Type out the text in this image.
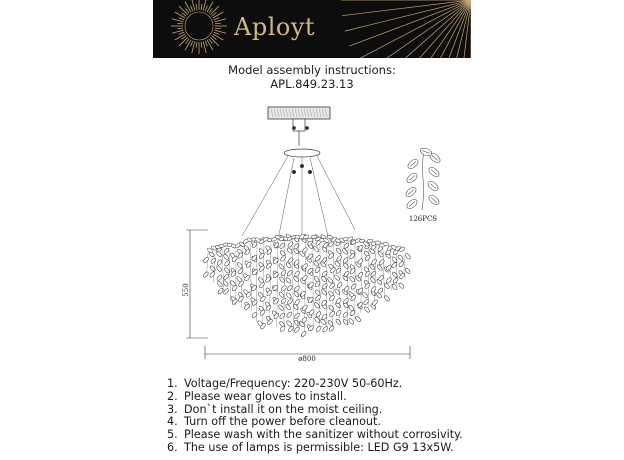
Aployt
Model assembly instructions:
APL.849.23.13
550
ø800
126PCS
1. Voltage/Frequency: 220-230V 50-60Hz.
2. Please wear gloves to install.
3. Don`t install it on the moist ceiling.
4. Turn off the power before cleanout.
5. Please wash with the sanitizer without corrosivity.
6. The use of lamps is permissible: LED G9 13x5W.
